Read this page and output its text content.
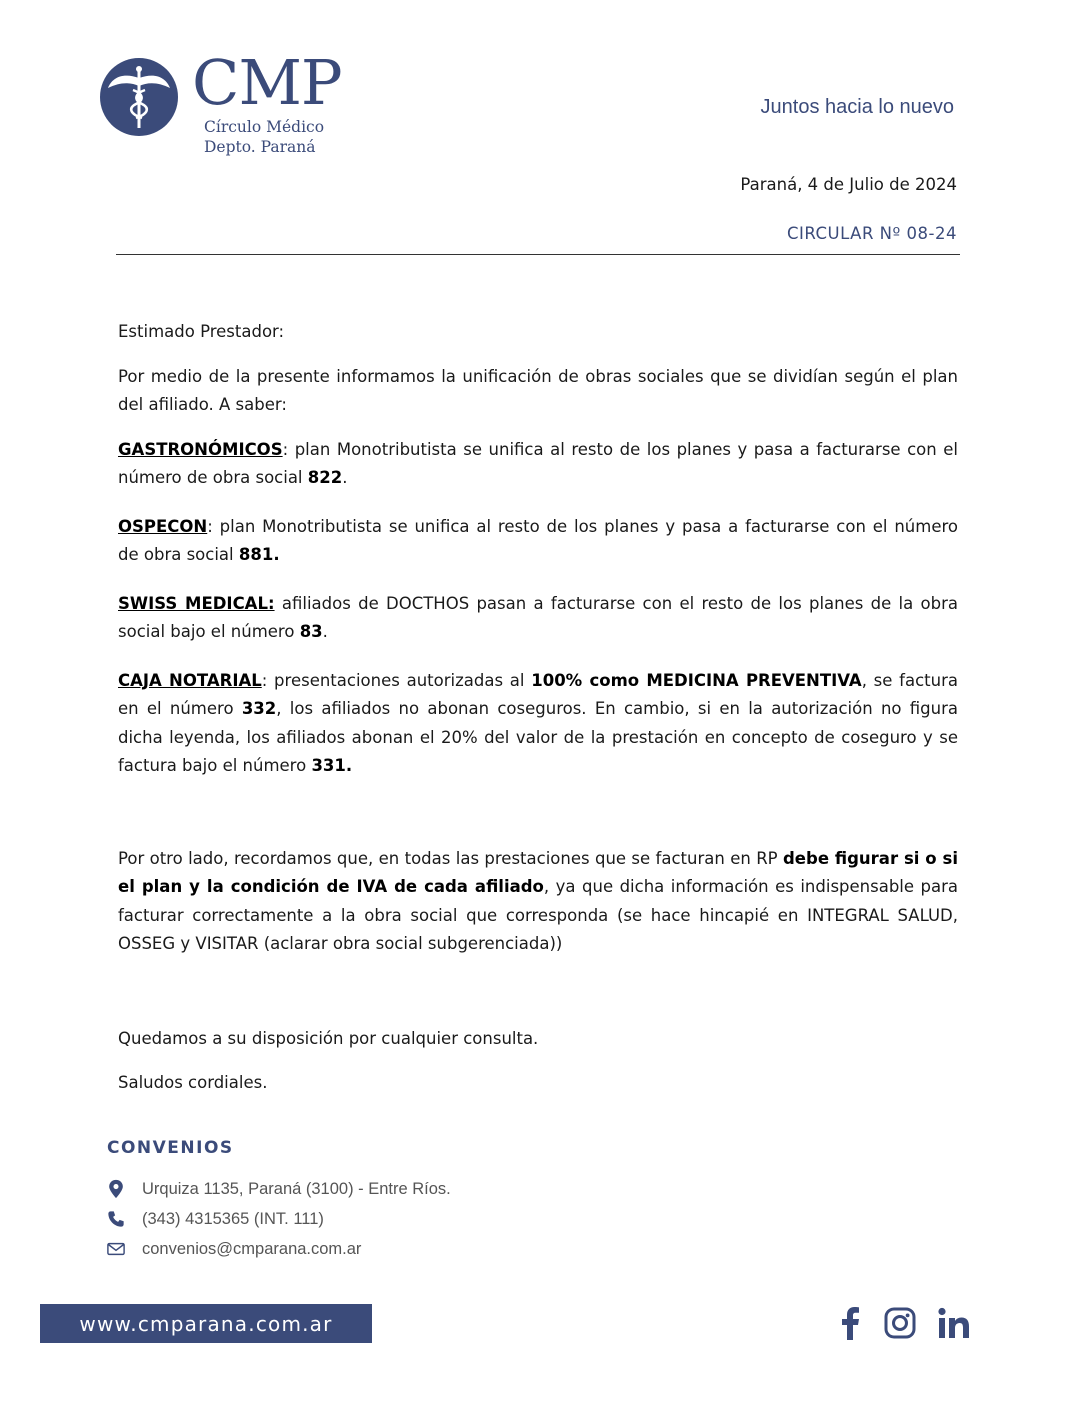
CMP
Círculo Médico
Depto. Paraná
Juntos hacia lo nuevo
Paraná, 4 de Julio de 2024
CIRCULAR Nº 08-24

Estimado Prestador:

Por medio de la presente informamos la unificación de obras sociales que se dividían según el plan del afiliado. A saber:

GASTRONÓMICOS: plan Monotributista se unifica al resto de los planes y pasa a facturarse con el número de obra social 822.

OSPECON: plan Monotributista se unifica al resto de los planes y pasa a facturarse con el número de obra social 881.

SWISS MEDICAL: afiliados de DOCTHOS pasan a facturarse con el resto de los planes de la obra social bajo el número 83.

CAJA NOTARIAL: presentaciones autorizadas al 100% como MEDICINA PREVENTIVA, se factura en el número 332, los afiliados no abonan coseguros. En cambio, si en la autorización no figura dicha leyenda, los afiliados abonan el 20% del valor de la prestación en concepto de coseguro y se factura bajo el número 331.

Por otro lado, recordamos que, en todas las prestaciones que se facturan en RP debe figurar si o si el plan y la condición de IVA de cada afiliado, ya que dicha información es indispensable para facturar correctamente a la obra social que corresponda (se hace hincapié en INTEGRAL SALUD, OSSEG y VISITAR (aclarar obra social subgerenciada))

Quedamos a su disposición por cualquier consulta.

Saludos cordiales.

CONVENIOS
Urquiza 1135, Paraná (3100) - Entre Ríos.
(343) 4315365 (INT. 111)
convenios@cmparana.com.ar
www.cmparana.com.ar
